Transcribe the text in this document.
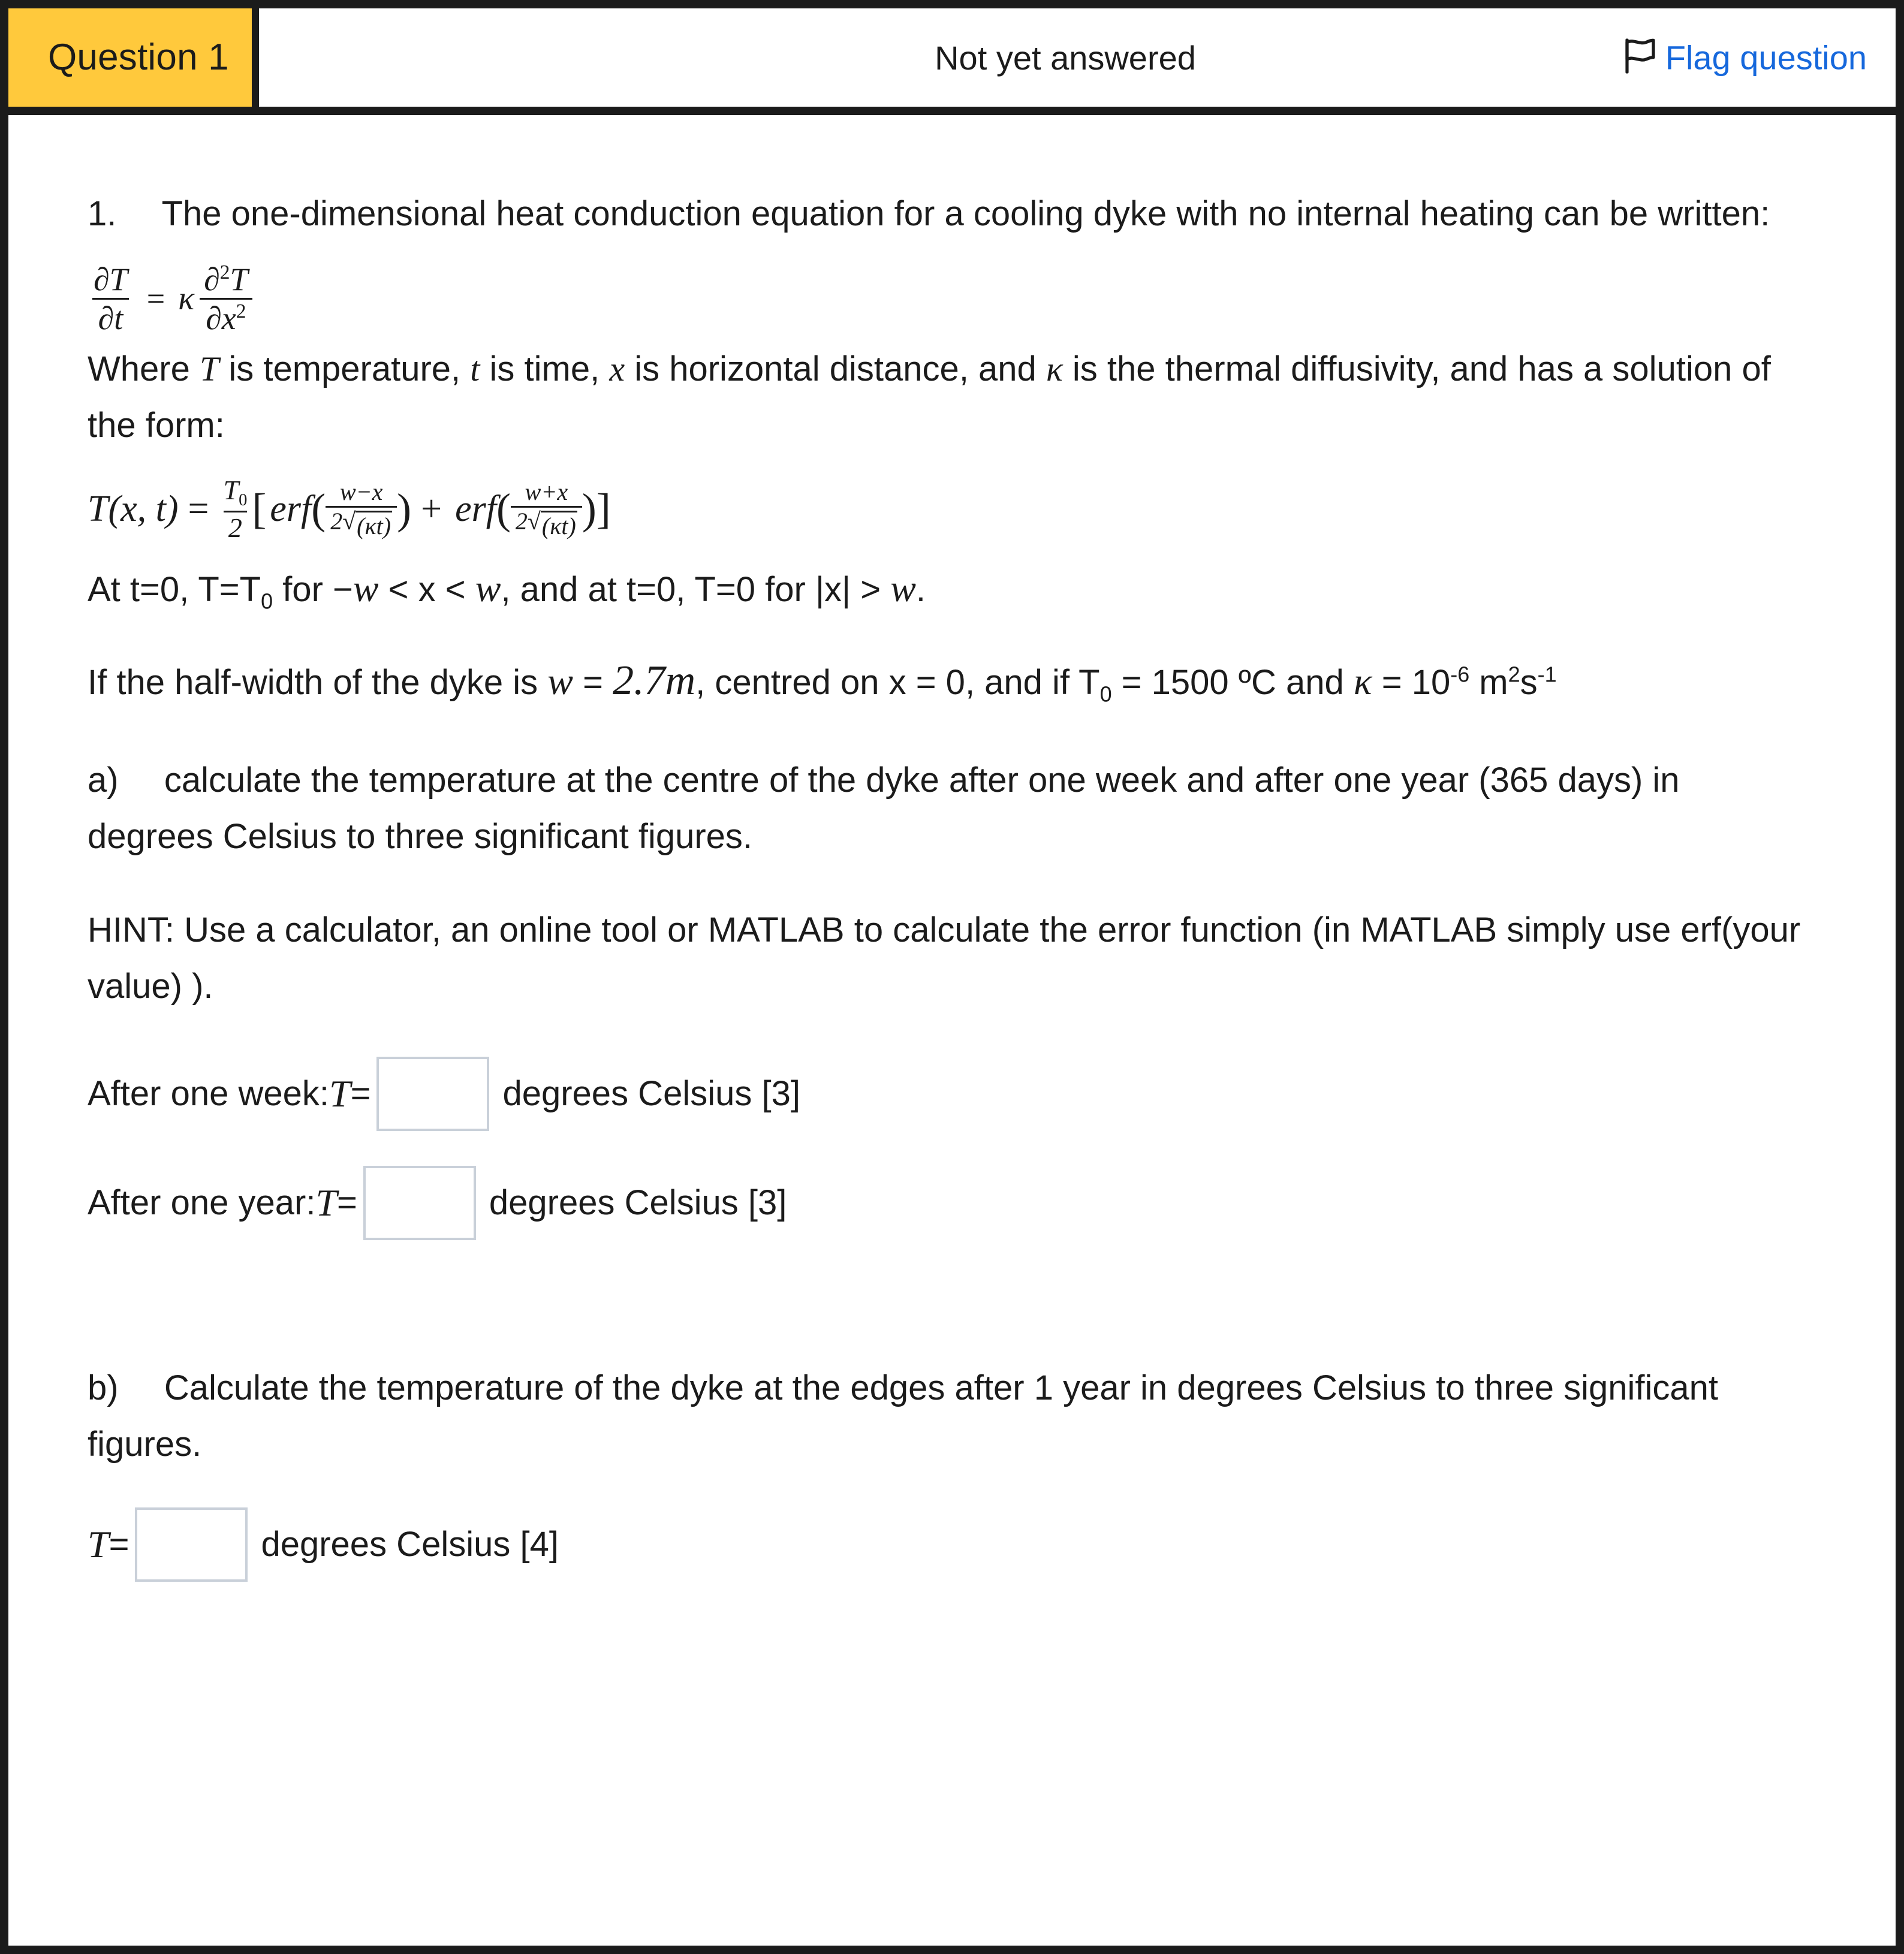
Question 1	Not yet answered	Flag question

1. The one-dimensional heat conduction equation for a cooling dyke with no internal heating can be written:

$\frac{\partial T}{\partial t} = \kappa \frac{\partial^2T}{\partial x^2}$

Where T is temperature, t is time, x is horizontal distance, and κ is the thermal diffusivity, and has a solution of the form:

T(x, $t) = \frac{T_0}{2}$ [ erf ( $\frac{w-x}{2 √ (\kappa t)}$ ) + erf ( $\frac{w+x}{2 √ (\kappa t)}$ ) ]

At t=0, $T=T_0$ for −w < x < w, and at t=0, T=0 for |x| > w.

If the half-width of the dyke is w = 2.7m, centred on x = 0, and if $T_0 = 1500$ ºC and $\kappa = 10^{-6}$ $m^2s^{-1}$

a) calculate the temperature at the centre of the dyke after one week and after one year (365 days) in degrees Celsius to three significant figures.

HINT: Use a calculator, an online tool or MATLAB to calculate the error function (in MATLAB simply use erf(your value) ).

After one week: T =	degrees Celsius [3]
After one year: T =	degrees Celsius [3]

b) Calculate the temperature of the dyke at the edges after 1 year in degrees Celsius to three significant figures.

T =	degrees Celsius [4]
